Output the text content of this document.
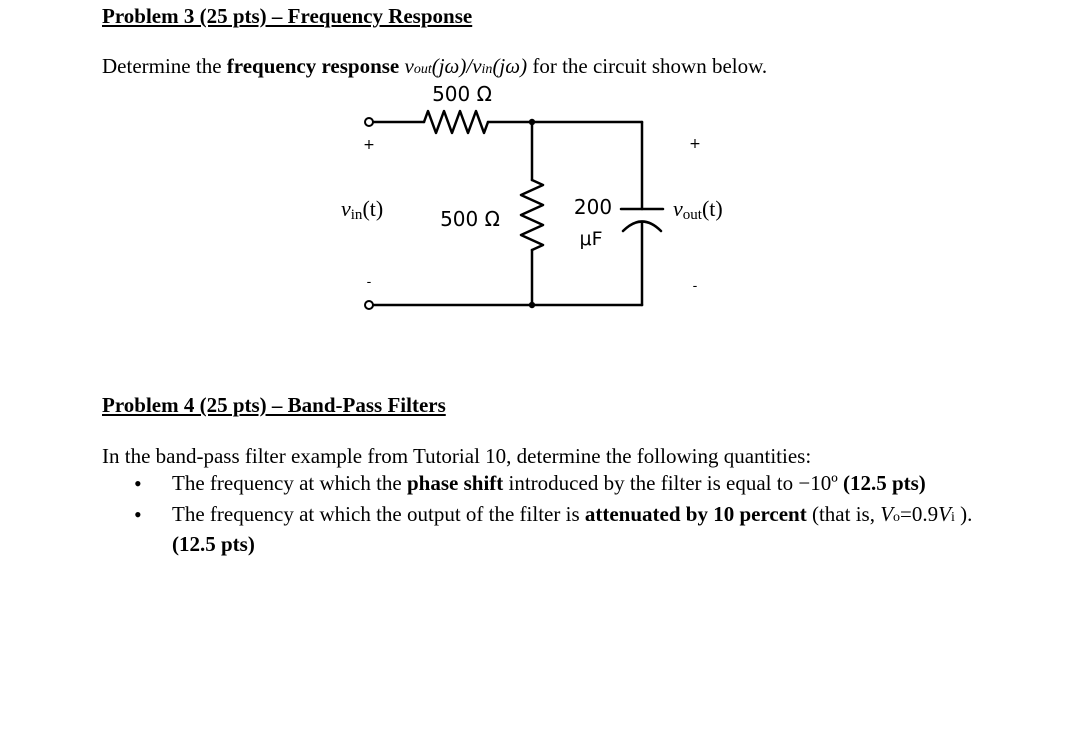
Problem 3 (25 pts) – Frequency Response
Determine the frequency response vout(jω)/vin(jω) for the circuit shown below.
500 Ω
500 Ω	200
μF
+
-
+
-
vin(t)	vout(t)
Problem 4 (25 pts) – Band-Pass Filters
In the band-pass filter example from Tutorial 10, determine the following quantities:
• The frequency at which the phase shift introduced by the filter is equal to −10º (12.5 pts)
• The frequency at which the output of the filter is attenuated by 10 percent (that is, Vo=0.9Vi ). (12.5 pts)
